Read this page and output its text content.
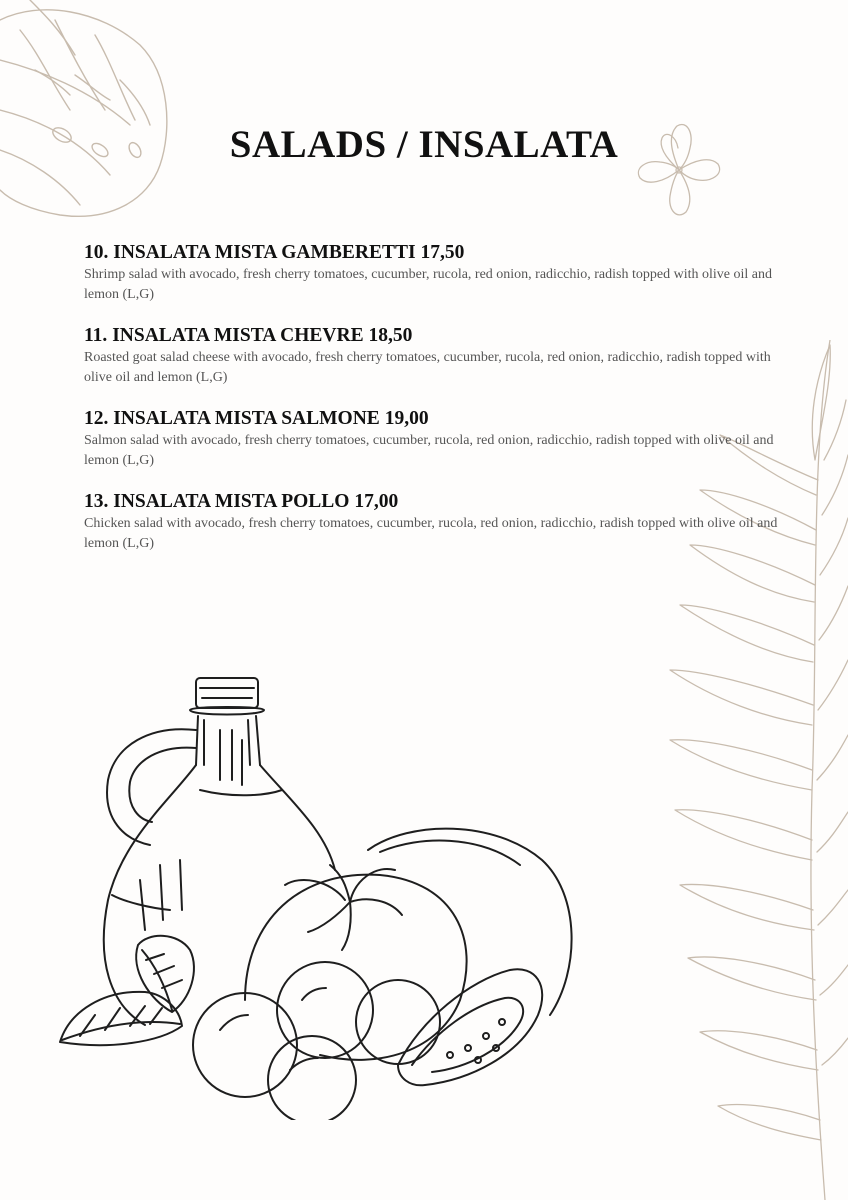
SALADS / INSALATA
10. INSALATA MISTA GAMBERETTI 17,50
Shrimp salad with avocado, fresh cherry tomatoes, cucumber, rucola, red onion, radicchio, radish topped with olive oil and lemon (L,G)
11. INSALATA MISTA CHEVRE 18,50
Roasted goat salad cheese with avocado, fresh cherry tomatoes, cucumber, rucola, red onion, radicchio, radish topped with olive oil and lemon (L,G)
12. INSALATA MISTA SALMONE 19,00
Salmon salad with avocado, fresh cherry tomatoes, cucumber, rucola, red onion, radicchio, radish topped with olive oil and lemon (L,G)
13. INSALATA MISTA POLLO 17,00
Chicken salad with avocado, fresh cherry tomatoes, cucumber, rucola, red onion, radicchio, radish topped with olive oil and lemon (L,G)
